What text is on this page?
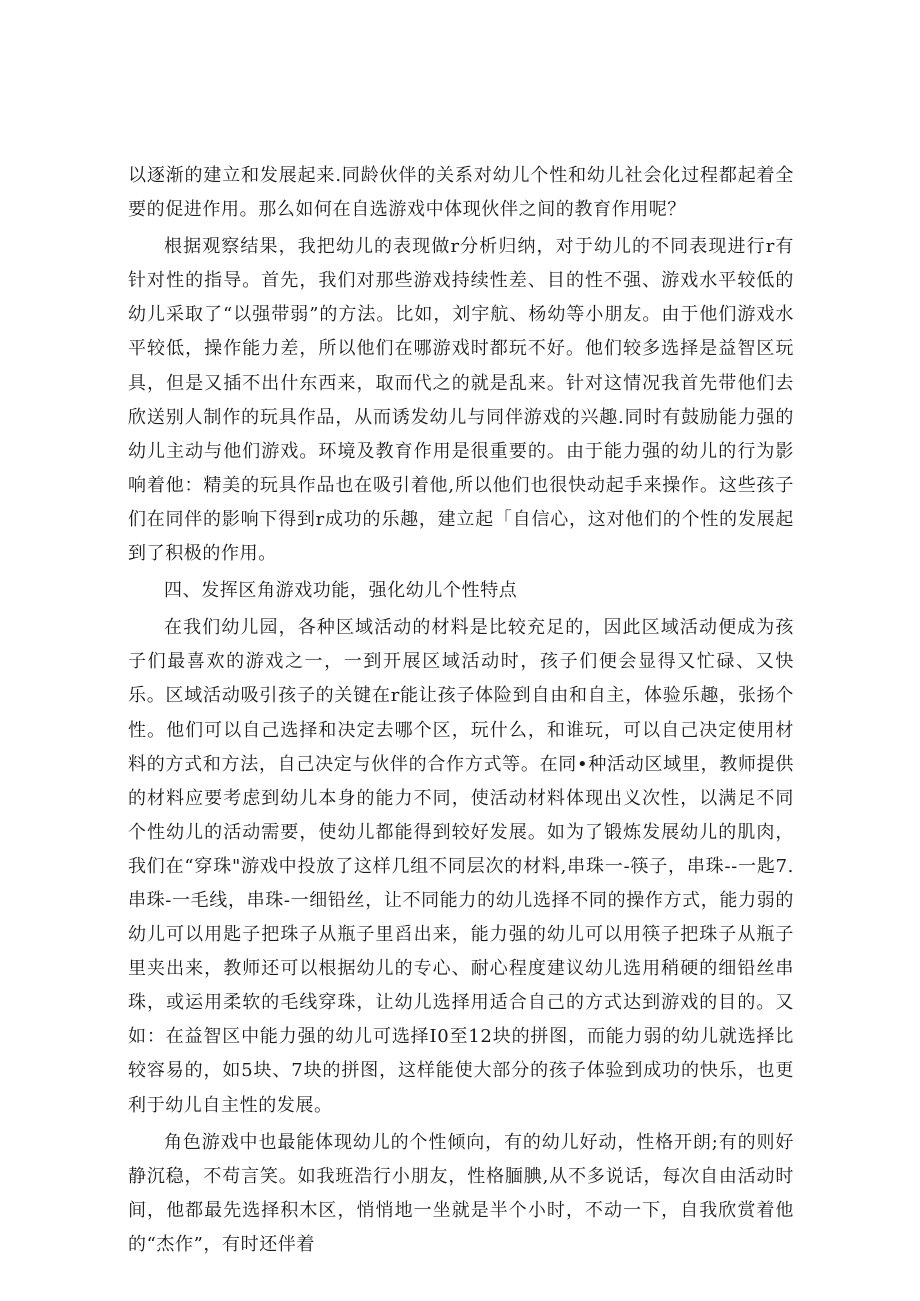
以逐渐的建立和发展起来.同龄伙伴的关系对幼儿个性和幼儿社会化过程都起着全要的促进作用。那么如何在自选游戏中体现伙伴之间的教育作用呢？

根据观察结果，我把幼儿的表现做r分析归纳，对于幼儿的不同表现进行r有针对性的指导。首先，我们对那些游戏持续性差、目的性不强、游戏水平较低的幼儿采取了“以强带弱”的方法。比如，刘宇航、杨幼等小朋友。由于他们游戏水平较低，操作能力差，所以他们在哪游戏时都玩不好。他们较多选择是益智区玩具，但是又插不出什东西来，取而代之的就是乱来。针对这情况我首先带他们去欣送别人制作的玩具作品，从而诱发幼儿与同伴游戏的兴趣.同时有鼓励能力强的幼儿主动与他们游戏。环境及教育作用是很重要的。由于能力强的幼儿的行为影响着他：精美的玩具作品也在吸引着他,所以他们也很快动起手来操作。这些孩子们在同伴的影响下得到r成功的乐趣，建立起「自信心，这对他们的个性的发展起到了积极的作用。

四、发挥区角游戏功能，强化幼儿个性特点

在我们幼儿园，各种区域活动的材料是比较充足的，因此区域活动便成为孩子们最喜欢的游戏之一，一到开展区域活动时，孩子们便会显得又忙碌、又快乐。区域活动吸引孩子的关键在r能让孩子体险到自由和自主，体验乐趣，张扬个性。他们可以自己选择和决定去哪个区，玩什么，和谁玩，可以自己决定使用材料的方式和方法，自己决定与伙伴的合作方式等。在同•种活动区域里，教师提供的材料应要考虑到幼儿本身的能力不同，使活动材料体现出义次性，以满足不同个性幼儿的活动需要，使幼儿都能得到较好发展。如为了锻炼发展幼儿的肌肉，我们在“穿珠"游戏中投放了这样几组不同层次的材料,串珠一-筷子，串珠--一匙7.串珠-一毛线，串珠-一细铅丝，让不同能力的幼儿选择不同的操作方式，能力弱的幼儿可以用匙子把珠子从瓶子里舀出来，能力强的幼儿可以用筷子把珠子从瓶子里夹出来，教师还可以根据幼儿的专心、耐心程度建议幼儿选用稍硬的细铅丝串珠，或运用柔软的毛线穿珠，让幼儿选择用适合自己的方式达到游戏的目的。又如：在益智区中能力强的幼儿可选择I0至12块的拼图，而能力弱的幼儿就选择比较容易的，如5块、7块的拼图，这样能使大部分的孩子体验到成功的快乐，也更利于幼儿自主性的发展。

角色游戏中也最能体现幼儿的个性倾向，有的幼儿好动，性格开朗;有的则好静沉稳，不苟言笑。如我班浩行小朋友，性格腼腆,从不多说话，每次自由活动时间，他都最先选择积木区，悄悄地一坐就是半个小时，不动一下，自我欣赏着他的“杰作”，有时还伴着
